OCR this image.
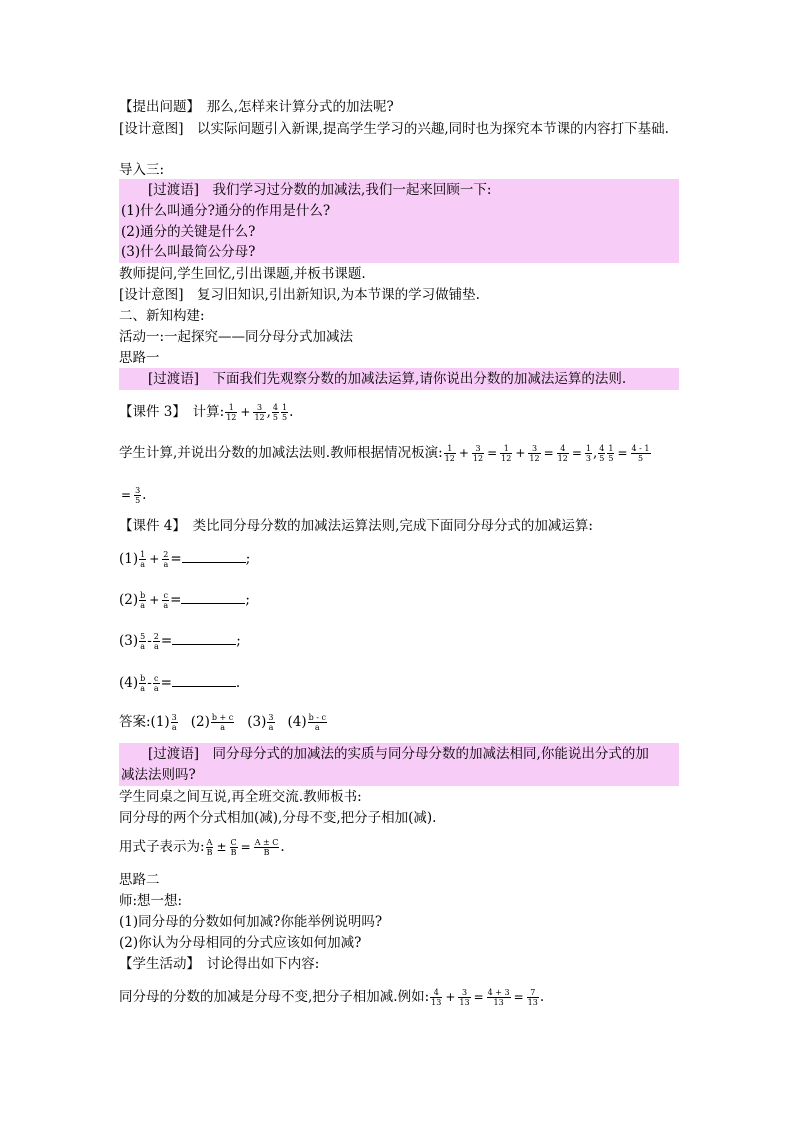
【提出问题】　那么,怎样来计算分式的加法呢?
[设计意图]　以实际问题引入新课,提高学生学习的兴趣,同时也为探究本节课的内容打下基础.
导入三:
　　[过渡语]　我们学习过分数的加减法,我们一起来回顾一下:
(1)什么叫通分?通分的作用是什么?
(2)通分的关键是什么?
(3)什么叫最简公分母?
教师提问,学生回忆,引出课题,并板书课题.
[设计意图]　复习旧知识,引出新知识,为本节课的学习做铺垫.
二、新知构建:
活动一:一起探究——同分母分式加减法
思路一
　　[过渡语]　下面我们先观察分数的加减法运算,请你说出分数的加减法运算的法则.
【课件 3】　计算: $\frac{1}{12} + \frac{3}{12}$ , $\frac{4}{5} \frac{1}{5}$ .
学生计算,并说出分数的加减法法则.教师根据情况板演: $\frac{1}{12} + \frac{3}{12} = \frac{1}{12} + \frac{3}{12} = \frac{4}{12} = \frac{1}{3}$ , $\frac{4}{5} \frac{1}{5} = \frac{4 - 1}{5}$
= $\frac{3}{5}$ .
【课件 4】　类比同分母分数的加减法运算法则,完成下面同分母分式的加减运算:
$(1) \frac{1}{a} + \frac{2}{a}$ =	;
$(2) \frac{b}{a} + \frac{c}{a}$ =	;
$(3) \frac{5}{a} - \frac{2}{a}$ =	;
$(4) \frac{b}{a} - \frac{c}{a}$ =	.
答案:(1) $\frac{3}{a} (2) \frac{b + c}{a} (3) \frac{3}{a} (4) \frac{b - c}{a}$
　　[过渡语]　同分母分式的加减法的实质与同分母分数的加减法相同,你能说出分式的加
减法法则吗?
学生同桌之间互说,再全班交流.教师板书:
同分母的两个分式相加(减),分母不变,把分子相加(减).
用式子表示为: $\frac{A}{B} \pm \frac{C}{B} = \frac{A \pm C}{B}$ .
思路二
师:想一想:
(1)同分母的分数如何加减?你能举例说明吗?
(2)你认为分母相同的分式应该如何加减?
【学生活动】　讨论得出如下内容:
同分母的分数的加减是分母不变,把分子相加减.例如: $\frac{4}{13} + \frac{3}{13} = \frac{4 + 3}{13} = \frac{7}{13}$ .
